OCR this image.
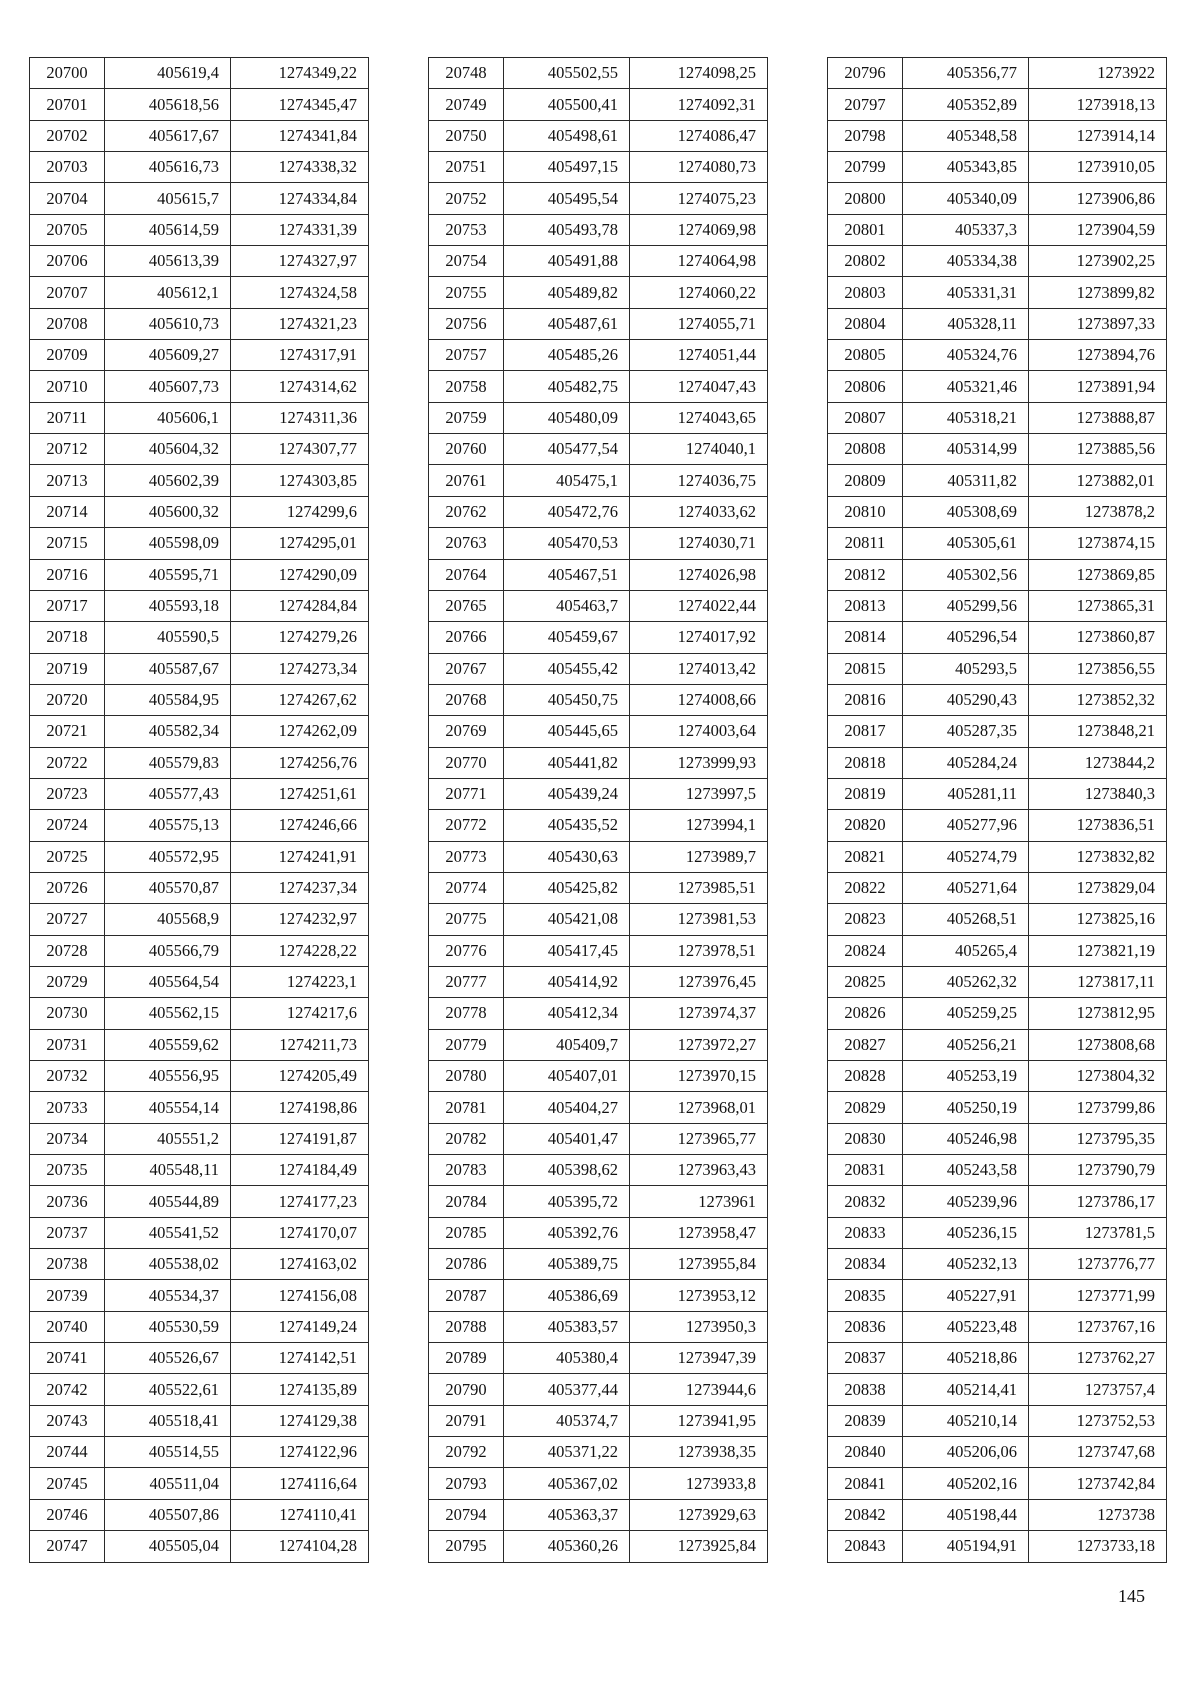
20700	405619,4	1274349,22
20701	405618,56	1274345,47
20702	405617,67	1274341,84
20703	405616,73	1274338,32
20704	405615,7	1274334,84
20705	405614,59	1274331,39
20706	405613,39	1274327,97
20707	405612,1	1274324,58
20708	405610,73	1274321,23
20709	405609,27	1274317,91
20710	405607,73	1274314,62
20711	405606,1	1274311,36
20712	405604,32	1274307,77
20713	405602,39	1274303,85
20714	405600,32	1274299,6
20715	405598,09	1274295,01
20716	405595,71	1274290,09
20717	405593,18	1274284,84
20718	405590,5	1274279,26
20719	405587,67	1274273,34
20720	405584,95	1274267,62
20721	405582,34	1274262,09
20722	405579,83	1274256,76
20723	405577,43	1274251,61
20724	405575,13	1274246,66
20725	405572,95	1274241,91
20726	405570,87	1274237,34
20727	405568,9	1274232,97
20728	405566,79	1274228,22
20729	405564,54	1274223,1
20730	405562,15	1274217,6
20731	405559,62	1274211,73
20732	405556,95	1274205,49
20733	405554,14	1274198,86
20734	405551,2	1274191,87
20735	405548,11	1274184,49
20736	405544,89	1274177,23
20737	405541,52	1274170,07
20738	405538,02	1274163,02
20739	405534,37	1274156,08
20740	405530,59	1274149,24
20741	405526,67	1274142,51
20742	405522,61	1274135,89
20743	405518,41	1274129,38
20744	405514,55	1274122,96
20745	405511,04	1274116,64
20746	405507,86	1274110,41
20747	405505,04	1274104,28
20748	405502,55	1274098,25
20749	405500,41	1274092,31
20750	405498,61	1274086,47
20751	405497,15	1274080,73
20752	405495,54	1274075,23
20753	405493,78	1274069,98
20754	405491,88	1274064,98
20755	405489,82	1274060,22
20756	405487,61	1274055,71
20757	405485,26	1274051,44
20758	405482,75	1274047,43
20759	405480,09	1274043,65
20760	405477,54	1274040,1
20761	405475,1	1274036,75
20762	405472,76	1274033,62
20763	405470,53	1274030,71
20764	405467,51	1274026,98
20765	405463,7	1274022,44
20766	405459,67	1274017,92
20767	405455,42	1274013,42
20768	405450,75	1274008,66
20769	405445,65	1274003,64
20770	405441,82	1273999,93
20771	405439,24	1273997,5
20772	405435,52	1273994,1
20773	405430,63	1273989,7
20774	405425,82	1273985,51
20775	405421,08	1273981,53
20776	405417,45	1273978,51
20777	405414,92	1273976,45
20778	405412,34	1273974,37
20779	405409,7	1273972,27
20780	405407,01	1273970,15
20781	405404,27	1273968,01
20782	405401,47	1273965,77
20783	405398,62	1273963,43
20784	405395,72	1273961
20785	405392,76	1273958,47
20786	405389,75	1273955,84
20787	405386,69	1273953,12
20788	405383,57	1273950,3
20789	405380,4	1273947,39
20790	405377,44	1273944,6
20791	405374,7	1273941,95
20792	405371,22	1273938,35
20793	405367,02	1273933,8
20794	405363,37	1273929,63
20795	405360,26	1273925,84
20796	405356,77	1273922
20797	405352,89	1273918,13
20798	405348,58	1273914,14
20799	405343,85	1273910,05
20800	405340,09	1273906,86
20801	405337,3	1273904,59
20802	405334,38	1273902,25
20803	405331,31	1273899,82
20804	405328,11	1273897,33
20805	405324,76	1273894,76
20806	405321,46	1273891,94
20807	405318,21	1273888,87
20808	405314,99	1273885,56
20809	405311,82	1273882,01
20810	405308,69	1273878,2
20811	405305,61	1273874,15
20812	405302,56	1273869,85
20813	405299,56	1273865,31
20814	405296,54	1273860,87
20815	405293,5	1273856,55
20816	405290,43	1273852,32
20817	405287,35	1273848,21
20818	405284,24	1273844,2
20819	405281,11	1273840,3
20820	405277,96	1273836,51
20821	405274,79	1273832,82
20822	405271,64	1273829,04
20823	405268,51	1273825,16
20824	405265,4	1273821,19
20825	405262,32	1273817,11
20826	405259,25	1273812,95
20827	405256,21	1273808,68
20828	405253,19	1273804,32
20829	405250,19	1273799,86
20830	405246,98	1273795,35
20831	405243,58	1273790,79
20832	405239,96	1273786,17
20833	405236,15	1273781,5
20834	405232,13	1273776,77
20835	405227,91	1273771,99
20836	405223,48	1273767,16
20837	405218,86	1273762,27
20838	405214,41	1273757,4
20839	405210,14	1273752,53
20840	405206,06	1273747,68
20841	405202,16	1273742,84
20842	405198,44	1273738
20843	405194,91	1273733,18
145
